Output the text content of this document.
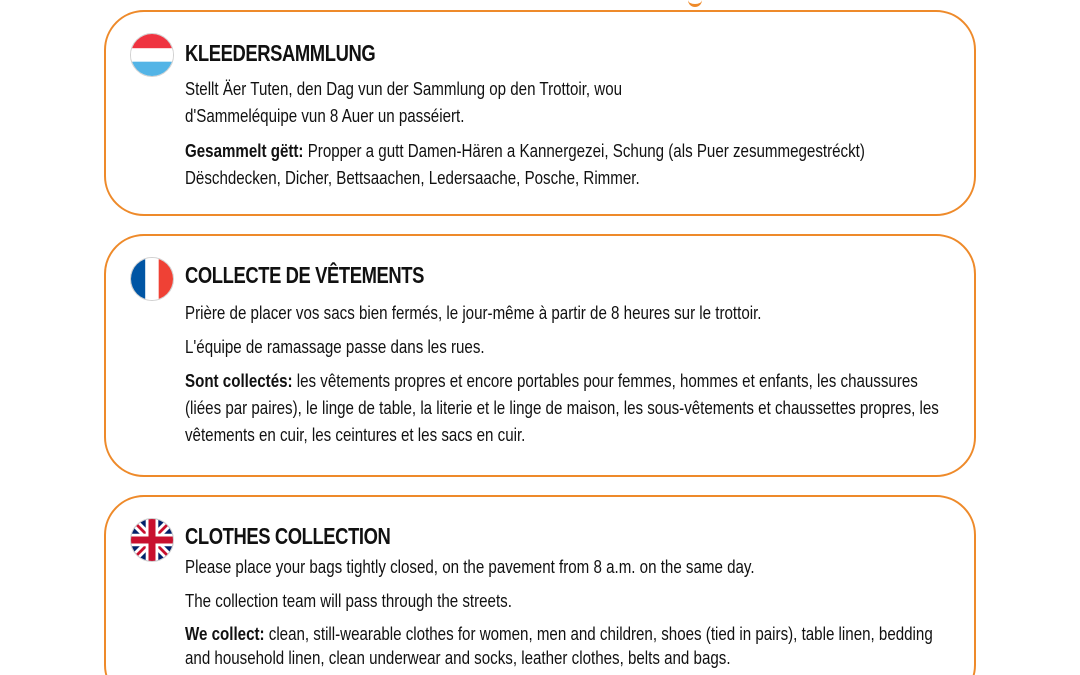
KLEEDERSAMMLUNG
Stellt Äer Tuten, den Dag vun der Sammlung op den Trottoir, wou d'Sammeléquipe vun 8 Auer un passéiert.
Gesammelt gëtt: Propper a gutt Damen-Hären a Kannergezei, Schung (als Puer zesummegestréckt) Dëschdecken, Dicher, Bettsaachen, Ledersaache, Posche, Rimmer.
COLLECTE DE VÊTEMENTS
Prière de placer vos sacs bien fermés, le jour-même à partir de 8 heures sur le trottoir.
L'équipe de ramassage passe dans les rues.
Sont collectés: les vêtements propres et encore portables pour femmes, hommes et enfants, les chaussures (liées par paires), le linge de table, la literie et le linge de maison, les sous-vêtements et chaussettes propres, les vêtements en cuir, les ceintures et les sacs en cuir.
CLOTHES COLLECTION
Please place your bags tightly closed, on the pavement from 8 a.m. on the same day.
The collection team will pass through the streets.
We collect: clean, still-wearable clothes for women, men and children, shoes (tied in pairs), table linen, bedding and household linen, clean underwear and socks, leather clothes, belts and bags.
